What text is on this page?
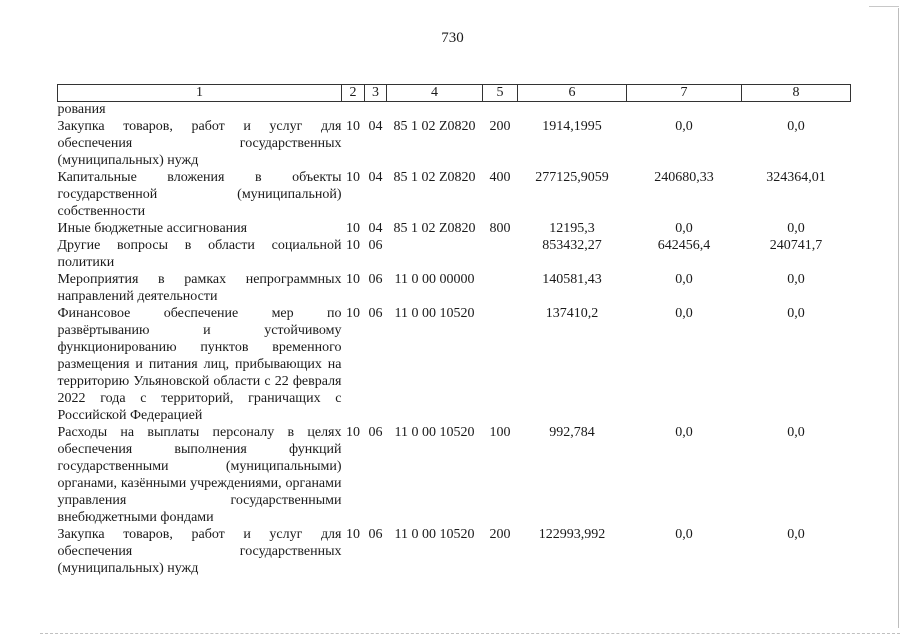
730
1	2	3	4	5	6	7	8
рования							
Закупка товаров, работ и услуг для обеспечения государственных (муниципальных) нужд	10	04	85 1 02 Z0820	200	1914,1995	0,0	0,0
Капитальные вложения в объекты государственной (муниципальной) собственности	10	04	85 1 02 Z0820	400	277125,9059	240680,33	324364,01
Иные бюджетные ассигнования	10	04	85 1 02 Z0820	800	12195,3	0,0	0,0
Другие вопросы в области социальной политики	10	06			853432,27	642456,4	240741,7
Мероприятия в рамках непрограммных направлений деятельности	10	06	11 0 00 00000		140581,43	0,0	0,0
Финансовое обеспечение мер по развёртыванию и устойчивому функционированию пунктов временного размещения и питания лиц, прибывающих на территорию Ульяновской области с 22 февраля 2022 года с территорий, граничащих с Российской Федерацией	10	06	11 0 00 10520		137410,2	0,0	0,0
Расходы на выплаты персоналу в целях обеспечения выполнения функций государственными (муниципальными) органами, казёнными учреждениями, органами управления государственными внебюджетными фондами	10	06	11 0 00 10520	100	992,784	0,0	0,0
Закупка товаров, работ и услуг для обеспечения государственных (муниципальных) нужд	10	06	11 0 00 10520	200	122993,992	0,0	0,0
